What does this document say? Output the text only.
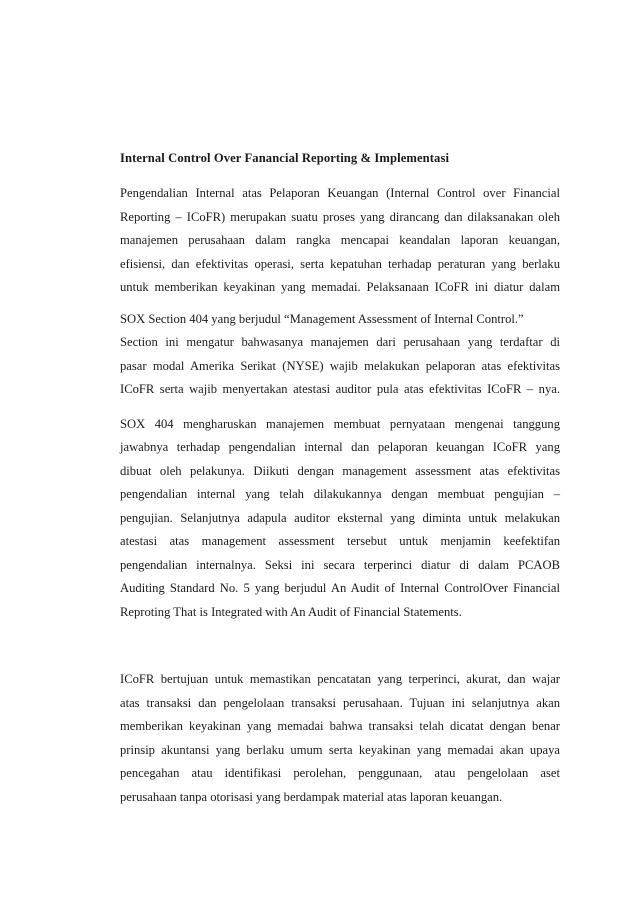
Internal Control Over Fanancial Reporting & Implementasi
Pengendalian Internal atas Pelaporan Keuangan (Internal Control over Financial
Reporting – ICoFR) merupakan suatu proses yang dirancang dan dilaksanakan oleh
manajemen perusahaan dalam rangka mencapai keandalan laporan keuangan,
efisiensi, dan efektivitas operasi, serta kepatuhan terhadap peraturan yang berlaku
untuk memberikan keyakinan yang memadai. Pelaksanaan ICoFR ini diatur dalam
SOX Section 404 yang berjudul “Management Assessment of Internal Control.”
Section ini mengatur bahwasanya manajemen dari perusahaan yang terdaftar di
pasar modal Amerika Serikat (NYSE) wajib melakukan pelaporan atas efektivitas
ICoFR serta wajib menyertakan atestasi auditor pula atas efektivitas ICoFR – nya.
SOX 404 mengharuskan manajemen membuat pernyataan mengenai tanggung
jawabnya terhadap pengendalian internal dan pelaporan keuangan ICoFR yang
dibuat oleh pelakunya. Diikuti dengan management assessment atas efektivitas
pengendalian internal yang telah dilakukannya dengan membuat pengujian –
pengujian. Selanjutnya adapula auditor eksternal yang diminta untuk melakukan
atestasi atas management assessment tersebut untuk menjamin keefektifan
pengendalian internalnya. Seksi ini secara terperinci diatur di dalam PCAOB
Auditing Standard No. 5 yang berjudul An Audit of Internal ControlOver Financial
Reproting That is Integrated with An Audit of Financial Statements.
ICoFR bertujuan untuk memastikan pencatatan yang terperinci, akurat, dan wajar
atas transaksi dan pengelolaan transaksi perusahaan. Tujuan ini selanjutnya akan
memberikan keyakinan yang memadai bahwa transaksi telah dicatat dengan benar
prinsip akuntansi yang berlaku umum serta keyakinan yang memadai akan upaya
pencegahan atau identifikasi perolehan, penggunaan, atau pengelolaan aset
perusahaan tanpa otorisasi yang berdampak material atas laporan keuangan.
